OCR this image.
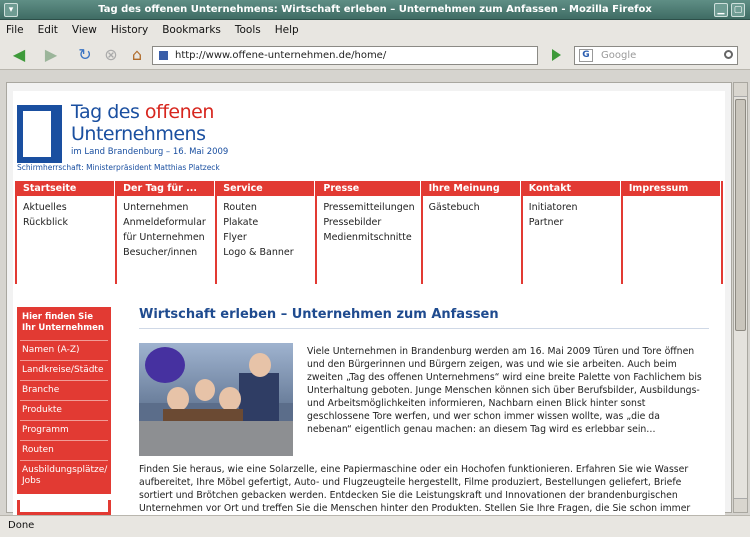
▾	Tag des offenen Unternehmens: Wirtschaft erleben – Unternehmen zum Anfassen - Mozilla Firefox	▁	▢
File Edit View History Bookmarks Tools Help
◀	▶	↻ ⊗ ⌂	http://www.offene-unternehmen.de/home/	G	Google
Tag des offenen
Unternehmens
im Land Brandenburg – 16. Mai 2009
Schirmherrschaft: Ministerpräsident Matthias Platzeck
Startseite
Aktuelles
Rückblick
Der Tag für ...
Unternehmen
Anmeldeformular für Unternehmen
Besucher/innen
Service
Routen
Plakate
Flyer
Logo & Banner
Presse
Pressemitteilungen
Pressebilder
Medienmitschnitte
Ihre Meinung
Gästebuch
Kontakt
Initiatoren
Partner
Impressum
Hier finden Sie Ihr Unternehmen
Namen (A-Z)
Landkreise/Städte
Branche
Produkte
Programm
Routen
Ausbildungsplätze/ Jobs
Wirtschaft erleben – Unternehmen zum Anfassen
Viele Unternehmen in Brandenburg werden am 16. Mai 2009 Türen und Tore öffnen und den Bürgerinnen und Bürgern zeigen, was und wie sie arbeiten. Auch beim zweiten „Tag des offenen Unternehmens“ wird eine breite Palette von Fachlichem bis Unterhaltung geboten. Junge Menschen können sich über Berufsbilder, Ausbildungs- und Arbeitsmöglichkeiten informieren, Nachbarn einen Blick hinter sonst geschlossene Tore werfen, und wer schon immer wissen wollte, was „die da nebenan“ eigentlich genau machen: an diesem Tag wird es erlebbar sein…
Finden Sie heraus, wie eine Solarzelle, eine Papiermaschine oder ein Hochofen funktionieren. Erfahren Sie wie Wasser aufbereitet, Ihre Möbel gefertigt, Auto- und Flugzeugteile hergestellt, Filme produziert, Bestellungen geliefert, Briefe sortiert und Brötchen gebacken werden. Entdecken Sie die Leistungskraft und Innovationen der brandenburgischen Unternehmen vor Ort und treffen Sie die Menschen hinter den Produkten. Stellen Sie Ihre Fragen, die Sie schon immer
Done
